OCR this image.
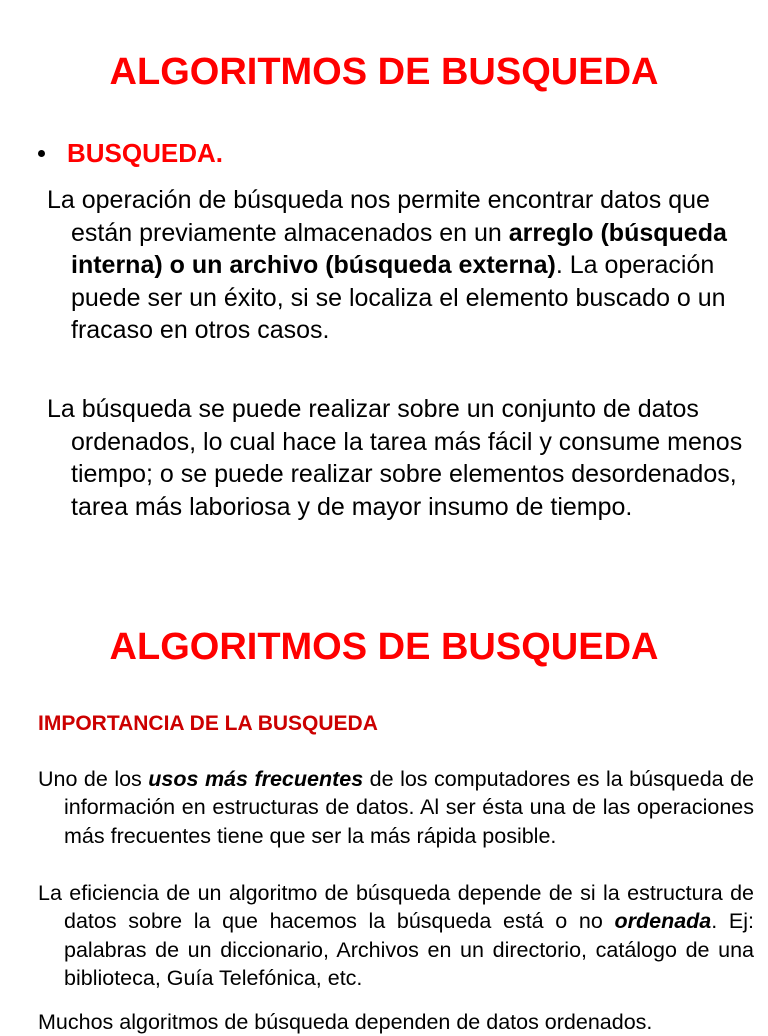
ALGORITMOS DE BUSQUEDA
BUSQUEDA.

La operación de búsqueda nos permite encontrar datos que están previamente almacenados en un arreglo (búsqueda interna) o un archivo (búsqueda externa). La operación puede ser un éxito, si se localiza el elemento buscado o un fracaso en otros casos.

La búsqueda se puede realizar sobre un conjunto de datos ordenados, lo cual hace la tarea más fácil y consume menos tiempo; o se puede realizar sobre elementos desordenados, tarea más laboriosa y de mayor insumo de tiempo.

ALGORITMOS DE BUSQUEDA
IMPORTANCIA DE LA BUSQUEDA

Uno de los usos más frecuentes de los computadores es la búsqueda de información en estructuras de datos. Al ser ésta una de las operaciones más frecuentes tiene que ser la más rápida posible.

La eficiencia de un algoritmo de búsqueda depende de si la estructura de datos sobre la que hacemos la búsqueda está o no ordenada. Ej: palabras de un diccionario, Archivos en un directorio, catálogo de una biblioteca, Guía Telefónica, etc.

Muchos algoritmos de búsqueda dependen de datos ordenados.
